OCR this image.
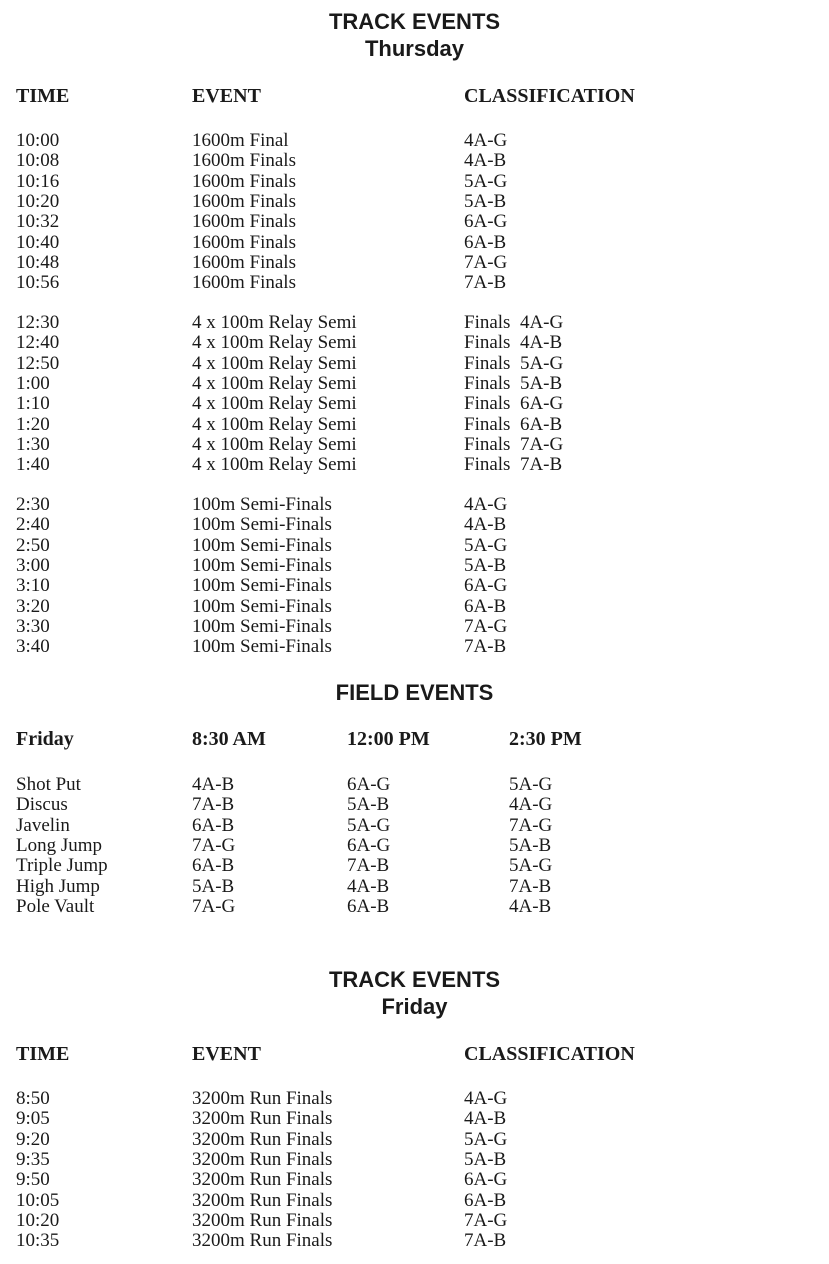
TRACK EVENTS
Thursday
TIME	EVENT	CLASSIFICATION
10:00	1600m Final	4A-G
10:08	1600m Finals	4A-B
10:16	1600m Finals	5A-G
10:20	1600m Finals	5A-B
10:32	1600m Finals	6A-G
10:40	1600m Finals	6A-B
10:48	1600m Finals	7A-G
10:56	1600m Finals	7A-B
12:30	4 x 100m Relay Semi	Finals  4A-G
12:40	4 x 100m Relay Semi	Finals  4A-B
12:50	4 x 100m Relay Semi	Finals  5A-G
1:00	4 x 100m Relay Semi	Finals  5A-B
1:10	4 x 100m Relay Semi	Finals  6A-G
1:20	4 x 100m Relay Semi	Finals  6A-B
1:30	4 x 100m Relay Semi	Finals  7A-G
1:40	4 x 100m Relay Semi	Finals  7A-B
2:30	100m Semi-Finals	4A-G
2:40	100m Semi-Finals	4A-B
2:50	100m Semi-Finals	5A-G
3:00	100m Semi-Finals	5A-B
3:10	100m Semi-Finals	6A-G
3:20	100m Semi-Finals	6A-B
3:30	100m Semi-Finals	7A-G
3:40	100m Semi-Finals	7A-B
FIELD EVENTS
Friday	8:30 AM	12:00 PM	2:30 PM
Shot Put	4A-B	6A-G	5A-G
Discus	7A-B	5A-B	4A-G
Javelin	6A-B	5A-G	7A-G
Long Jump	7A-G	6A-G	5A-B
Triple Jump	6A-B	7A-B	5A-G
High Jump	5A-B	4A-B	7A-B
Pole Vault	7A-G	6A-B	4A-B
TRACK EVENTS
Friday
TIME	EVENT	CLASSIFICATION
8:50	3200m Run Finals	4A-G
9:05	3200m Run Finals	4A-B
9:20	3200m Run Finals	5A-G
9:35	3200m Run Finals	5A-B
9:50	3200m Run Finals	6A-G
10:05	3200m Run Finals	6A-B
10:20	3200m Run Finals	7A-G
10:35	3200m Run Finals	7A-B
